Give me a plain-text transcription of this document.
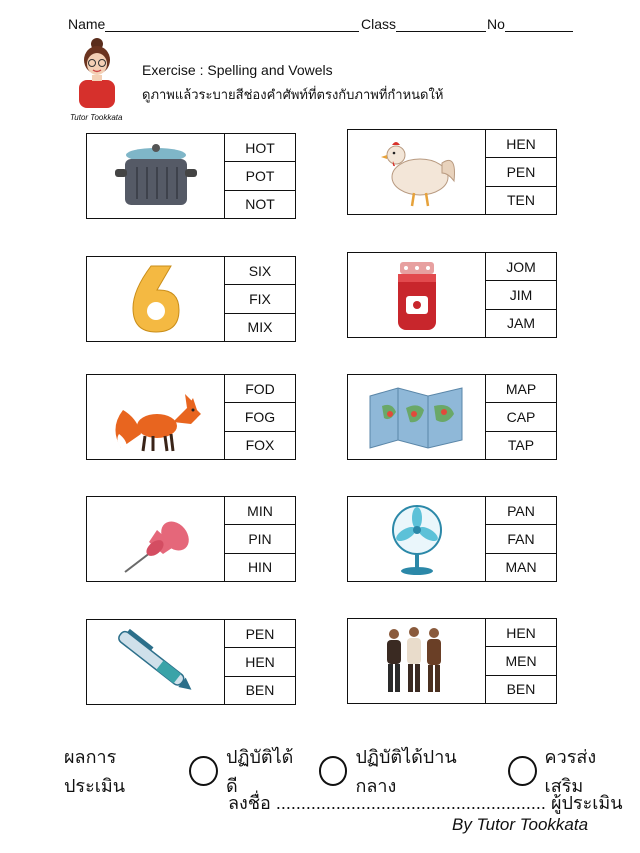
Name	Class	No
Tutor Tookkata
Exercise : Spelling and Vowels
ดูภาพแล้วระบายสีช่องคำศัพท์ที่ตรงกับภาพที่กำหนดให้
HOT
POT
NOT
HEN
PEN
TEN
SIX
FIX
MIX
JOM
JIM
JAM
FOD
FOG
FOX
MAP
CAP
TAP
MIN
PIN
HIN
PAN
FAN
MAN
PEN
HEN
BEN
HEN
MEN
BEN
ผลการประเมิน
ปฏิบัติได้ดี
ปฏิบัติได้ปานกลาง
ควรส่งเสริม
ลงชื่อ ...................................................... ผู้ประเมิน
By Tutor Tookkata
